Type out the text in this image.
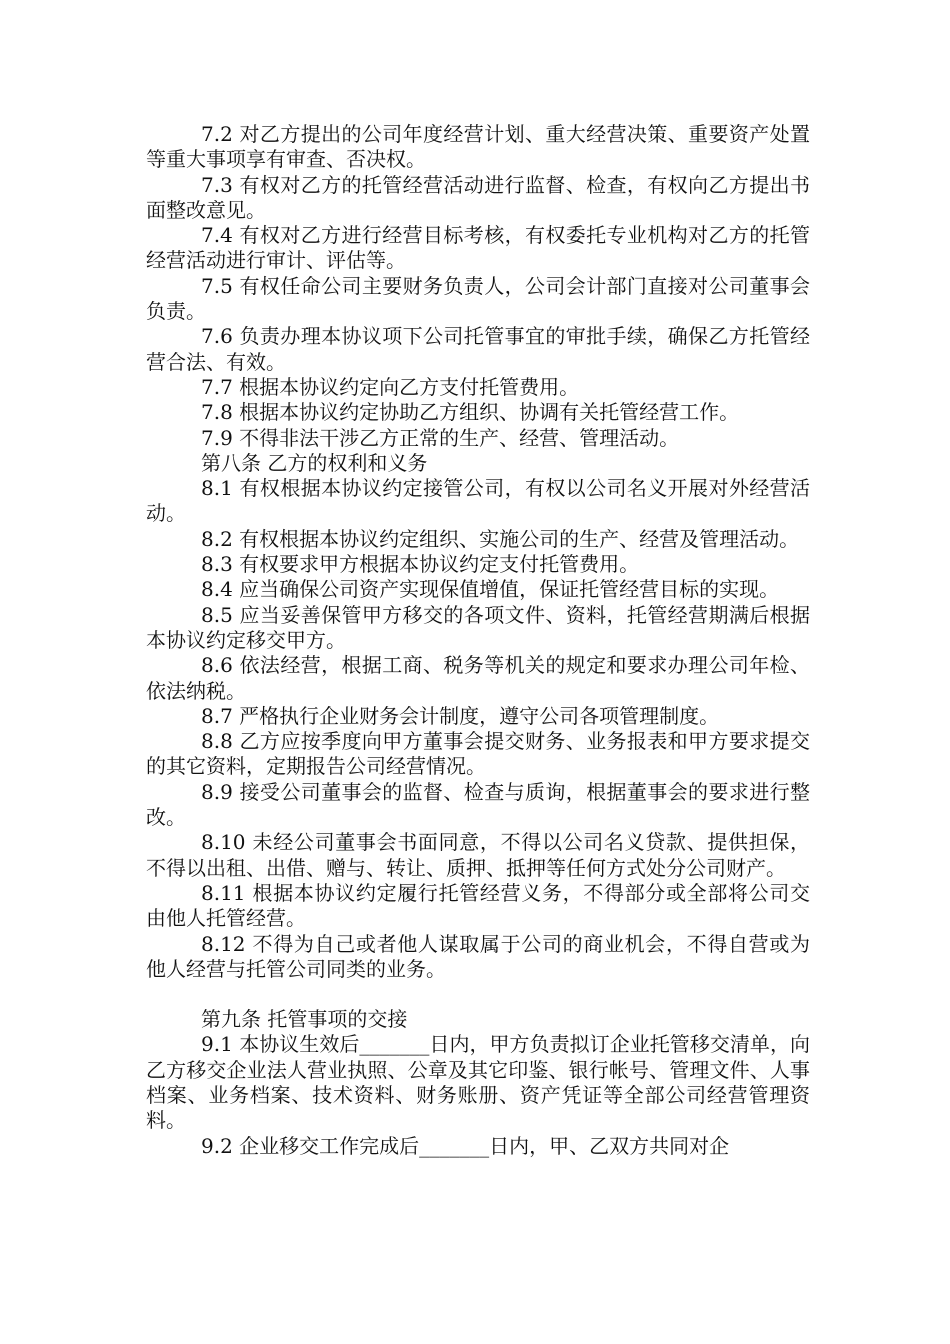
7.2 对乙方提出的公司年度经营计划、重大经营决策、重要资产处置等重大事项享有审查、否决权。

7.3 有权对乙方的托管经营活动进行监督、检查，有权向乙方提出书面整改意见。

7.4 有权对乙方进行经营目标考核，有权委托专业机构对乙方的托管经营活动进行审计、评估等。

7.5 有权任命公司主要财务负责人，公司会计部门直接对公司董事会负责。

7.6 负责办理本协议项下公司托管事宜的审批手续，确保乙方托管经营合法、有效。

7.7 根据本协议约定向乙方支付托管费用。

7.8 根据本协议约定协助乙方组织、协调有关托管经营工作。

7.9 不得非法干涉乙方正常的生产、经营、管理活动。

第八条 乙方的权利和义务

8.1 有权根据本协议约定接管公司，有权以公司名义开展对外经营活动。

8.2 有权根据本协议约定组织、实施公司的生产、经营及管理活动。

8.3 有权要求甲方根据本协议约定支付托管费用。

8.4 应当确保公司资产实现保值增值，保证托管经营目标的实现。

8.5 应当妥善保管甲方移交的各项文件、资料，托管经营期满后根据本协议约定移交甲方。

8.6 依法经营，根据工商、税务等机关的规定和要求办理公司年检、依法纳税。

8.7 严格执行企业财务会计制度，遵守公司各项管理制度。

8.8 乙方应按季度向甲方董事会提交财务、业务报表和甲方要求提交的其它资料，定期报告公司经营情况。

8.9 接受公司董事会的监督、检查与质询，根据董事会的要求进行整改。

8.10 未经公司董事会书面同意，不得以公司名义贷款、提供担保，不得以出租、出借、赠与、转让、质押、抵押等任何方式处分公司财产。

8.11 根据本协议约定履行托管经营义务，不得部分或全部将公司交由他人托管经营。

8.12 不得为自己或者他人谋取属于公司的商业机会，不得自营或为他人经营与托管公司同类的业务。

第九条 托管事项的交接

9.1 本协议生效后_______日内，甲方负责拟订企业托管移交清单，向乙方移交企业法人营业执照、公章及其它印鉴、银行帐号、管理文件、人事档案、业务档案、技术资料、财务账册、资产凭证等全部公司经营管理资料。

9.2 企业移交工作完成后_______日内，甲、乙双方共同对企
